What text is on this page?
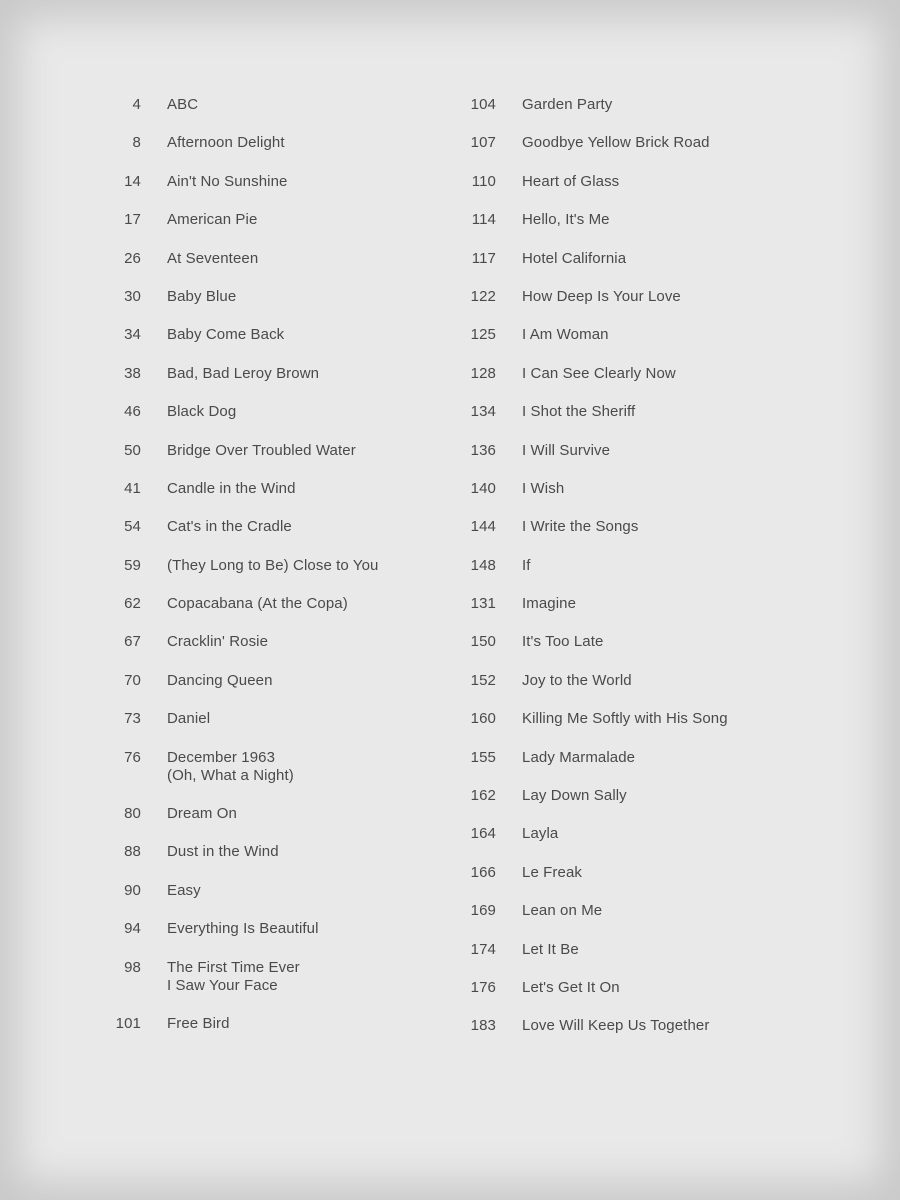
4 ABC
8 Afternoon Delight
14 Ain't No Sunshine
17 American Pie
26 At Seventeen
30 Baby Blue
34 Baby Come Back
38 Bad, Bad Leroy Brown
46 Black Dog
50 Bridge Over Troubled Water
41 Candle in the Wind
54 Cat's in the Cradle
59 (They Long to Be) Close to You
62 Copacabana (At the Copa)
67 Cracklin' Rosie
70 Dancing Queen
73 Daniel
76 December 1963
(Oh, What a Night)
80 Dream On
88 Dust in the Wind
90 Easy
94 Everything Is Beautiful
98 The First Time Ever
I Saw Your Face
101 Free Bird
104 Garden Party
107 Goodbye Yellow Brick Road
110 Heart of Glass
114 Hello, It's Me
117 Hotel California
122 How Deep Is Your Love
125 I Am Woman
128 I Can See Clearly Now
134 I Shot the Sheriff
136 I Will Survive
140 I Wish
144 I Write the Songs
148 If
131 Imagine
150 It's Too Late
152 Joy to the World
160 Killing Me Softly with His Song
155 Lady Marmalade
162 Lay Down Sally
164 Layla
166 Le Freak
169 Lean on Me
174 Let It Be
176 Let's Get It On
183 Love Will Keep Us Together
